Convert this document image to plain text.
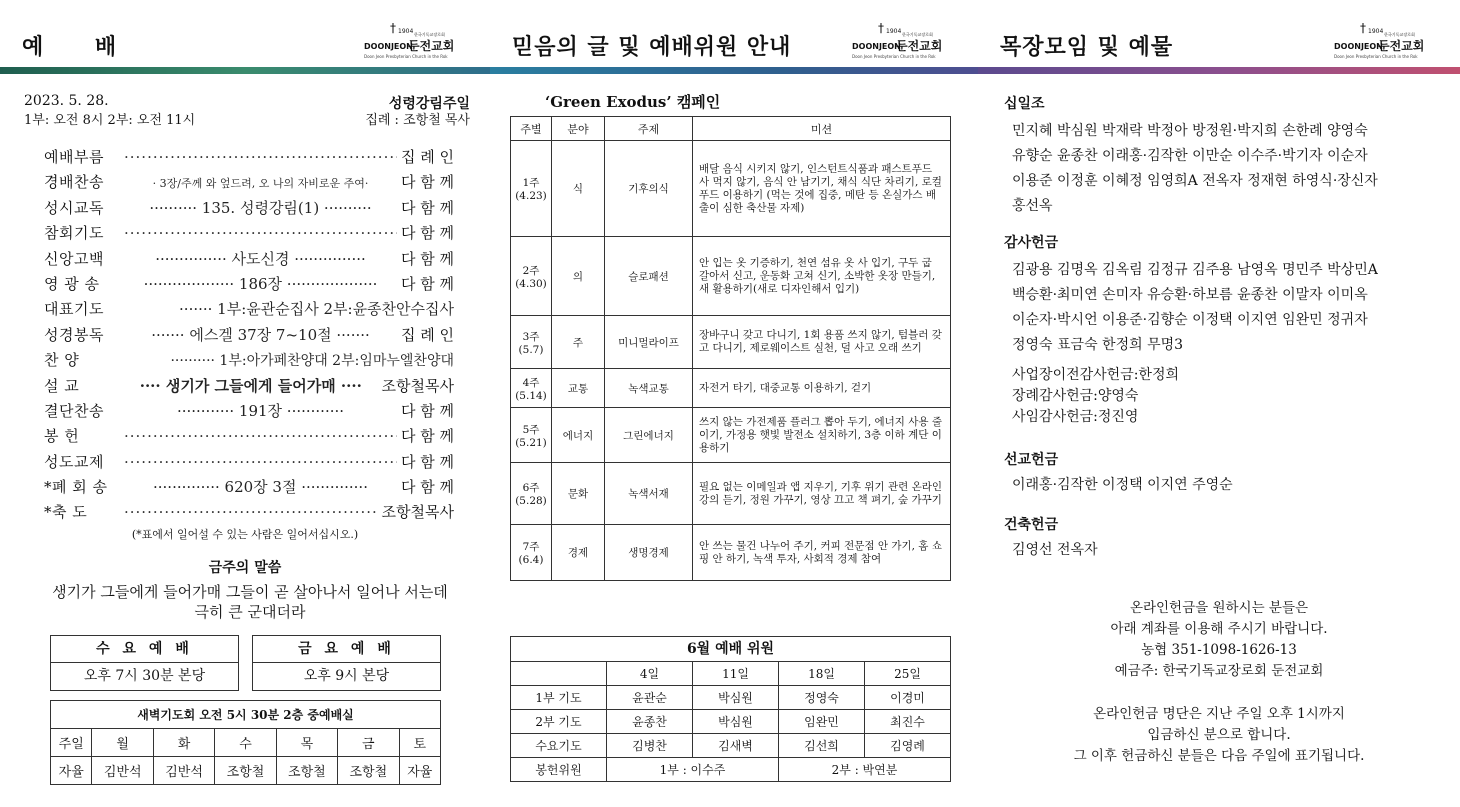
예 배
† 1904 한국기독교장로회
DOONJEON
둔전교회
Doon Jeon Presbyterian Church in the Rok
2023. 5. 28.
1부: 오전 8시 2부: 오전 11시
성령강림주일
집례 : 조항철 목사
예배부름 ·····	집 례 인
경배찬송	· 3장/주께 와 엎드려, 오 나의 자비로운 주여·	다 함 께
성시교독	·········· 135. 성령강림(1) ··········	다 함 께
참회기도 ·····	다 함 께
신앙고백	··············· 사도신경 ···············	다 함 께
영 광 송	··················· 186장 ···················	다 함 께
대표기도	······· 1부:윤관순집사 2부:윤종찬안수집사
성경봉독	······· 에스겔 37장 7~10절 ·······	집 례 인
찬 양	·········· 1부:아가페찬양대 2부:임마누엘찬양대
설 교	···· 생기가 그들에게 들어가매 ····	조항철목사
결단찬송	············ 191장 ············	다 함 께
봉 헌 ·····	다 함 께
성도교제 ·····	다 함 께
*폐 회 송	·············· 620장 3절 ··············	다 함 께
*축 도 ·····	조항철목사
(*표에서 일어설 수 있는 사람은 일어서십시오.)
금주의 말씀
생기가 그들에게 들어가매 그들이 곧 살아나서 일어나 서는데
극히 큰 군대더라
수 요 예 배
오후 7시 30분 본당
금 요 예 배
오후 9시 본당
새벽기도회 오전 5시 30분 2층 중예배실						
주일	월	화	수	목	금	토
자율	김반석	김반석	조항철	조항철	조항철	자율
믿음의 글 및 예배위원 안내
† 1904 한국기독교장로회
DOONJEON
둔전교회
Doon Jeon Presbyterian Church in the Rok
‘Green Exodus’ 캠페인
주별	분야	주제	미션

1주
(4.23)	식	기후의식	배달 음식 시키지 않기, 인스턴트식품과 패스트푸드 사 먹지 않기, 음식 안 남기기, 채식 식단 차리기, 로컬푸드 이용하기 (먹는 것에 집중, 메탄 등 온실가스 배출이 심한 축산물 자제)

2주
(4.30)	의	슬로패션	안 입는 옷 기증하기, 천연 섬유 옷 사 입기, 구두 굽 갈아서 신고, 운동화 고쳐 신기, 소박한 옷장 만들기, 새 활용하기(새로 디자인해서 입기)

3주
(5.7)	주	미니멀라이프	장바구니 갖고 다니기, 1회 용품 쓰지 않기, 텀블러 갖고 다니기, 제로웨이스트 실천, 덜 사고 오래 쓰기

4주
(5.14)	교통	녹색교통	자전거 타기, 대중교통 이용하기, 걷기

5주
(5.21)	에너지	그린에너지	쓰지 않는 가전제품 플러그 뽑아 두기, 에너지 사용 줄이기, 가정용 햇빛 발전소 설치하기, 3층 이하 계단 이용하기

6주
(5.28)	문화	녹색서재	필요 없는 이메일과 앱 지우기, 기후 위기 관련 온라인 강의 듣기, 정원 가꾸기, 영상 끄고 책 펴기, 숲 가꾸기

7주
(6.4)	경제	생명경제	안 쓰는 물건 나누어 주기, 커피 전문점 안 가기, 홈 쇼핑 안 하기, 녹색 투자, 사회적 경제 참여
6월 예배 위원
	4일	11일	18일	25일
1부 기도	윤관순	박심원	정영숙	이경미
2부 기도	윤종찬	박심원	임완민	최진수
수요기도	김병찬	김새벽	김선희	김영례
봉헌위원	1부 : 이수주		2부 : 박연분	
목장모임 및 예물
† 1904 한국기독교장로회
DOONJEON
둔전교회
Doon Jeon Presbyterian Church in the Rok
십일조

민지혜 박심원 박재락 박정아 방정원·박지희 손한례 양영숙

유향순 윤종찬 이래홍·김작한 이만순 이수주·박기자 이순자

이용준 이정훈 이혜정 임영희A 전옥자 정재현 하영식·장신자

홍선옥

감사헌금

김광용 김명옥 김옥림 김정규 김주용 남영옥 명민주 박상민A

백승환·최미연 손미자 유승환·하보름 윤종찬 이말자 이미옥

이순자·박시언 이용준·김향순 이정택 이지연 임완민 정귀자

정영숙 표금숙 한정희 무명3

사업장이전감사헌금:한정희

장례감사헌금:양영숙

사임감사헌금:정진영

선교헌금

이래홍·김작한 이정택 이지연 주영순

건축헌금

김영선 전옥자

온라인헌금을 원하시는 분들은
아래 계좌를 이용해 주시기 바랍니다.
농협 351-1098-1626-13
예금주: 한국기독교장로회 둔전교회
온라인헌금 명단은 지난 주일 오후 1시까지
입금하신 분으로 합니다.
그 이후 헌금하신 분들은 다음 주일에 표기됩니다.
